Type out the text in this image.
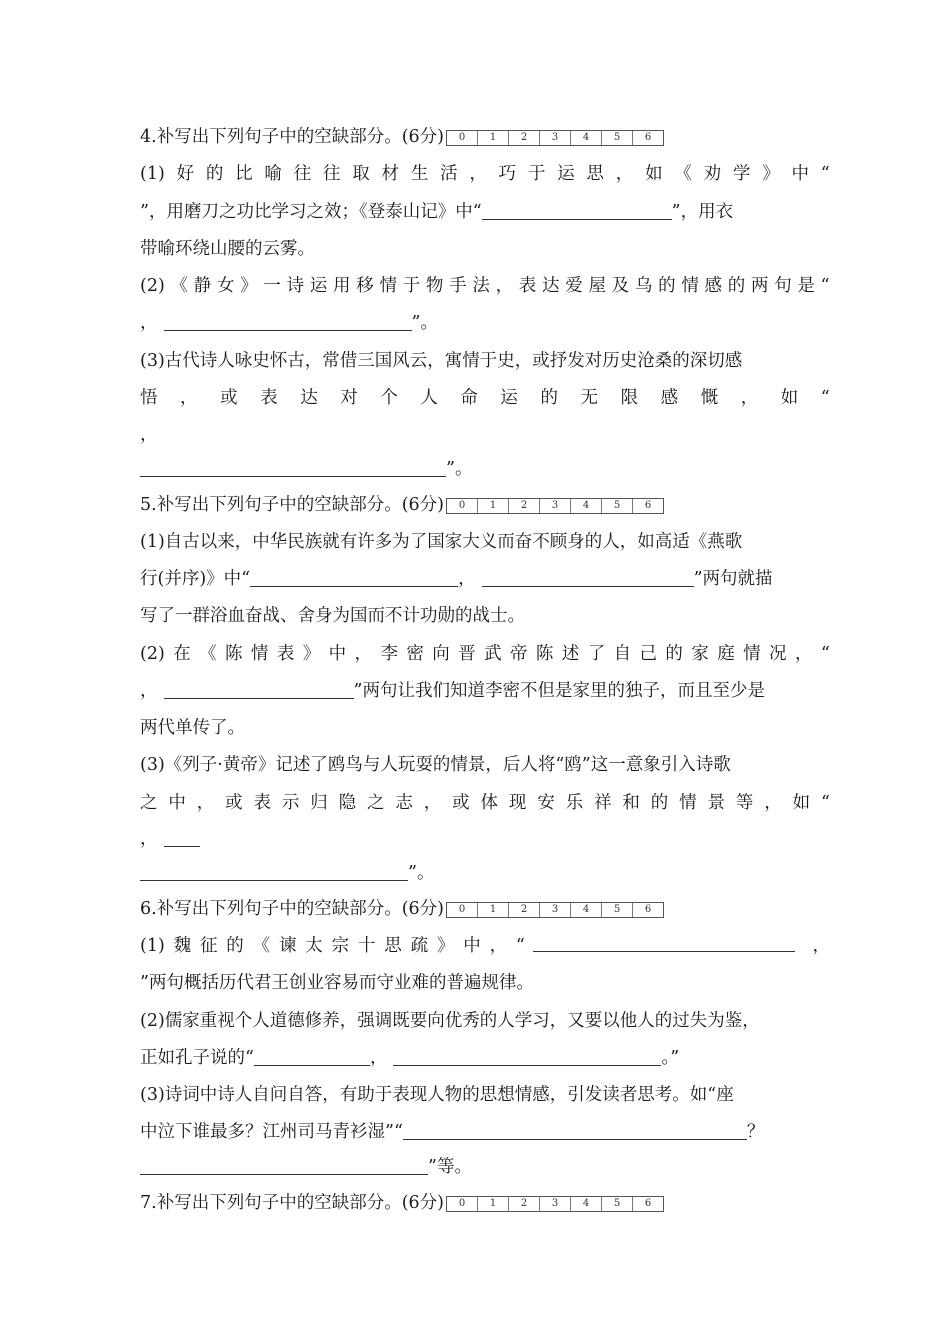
4.补写出下列句子中的空缺部分。(6分)	0	1	2	3	4	5	6
(1) 好 的 比 喻 往 往 取 材 生 活 ， 巧 于 运 思 ， 如 《 劝 学 》 中 “
”，用磨刀之功比学习之效；《登泰山记》中“	”，用衣
带喻环绕山腰的云雾。
(2) 《 静 女 》 一 诗 运 用 移 情 于 物 手 法 ， 表 达 爱 屋 及 乌 的 情 感 的 两 句 是 “
，	”。
(3)古代诗人咏史怀古，常借三国风云，寓情于史，或抒发对历史沧桑的深切感
悟 ， 或 表 达 对 个 人 命 运 的 无 限 感 慨 ， 如 “
，
”。
5.补写出下列句子中的空缺部分。(6分)	0	1	2	3	4	5	6
(1)自古以来，中华民族就有许多为了国家大义而奋不顾身的人，如高适《燕歌
行(并序)》中“	，	”两句就描
写了一群浴血奋战、舍身为国而不计功勋的战士。
(2) 在 《 陈 情 表 》 中 ， 李 密 向 晋 武 帝 陈 述 了 自 己 的 家 庭 情 况 ， “
，	”两句让我们知道李密不但是家里的独子，而且至少是
两代单传了。
(3)《列子·黄帝》记述了鸥鸟与人玩耍的情景，后人将“鸥”这一意象引入诗歌
之 中 ， 或 表 示 归 隐 之 志 ， 或 体 现 安 乐 祥 和 的 情 景 等 ， 如 “
，
”。
6.补写出下列句子中的空缺部分。(6分)	0	1	2	3	4	5	6
(1) 魏 征 的 《 谏 太 宗 十 思 疏 》 中 ， “	，
”两句概括历代君王创业容易而守业难的普遍规律。
(2)儒家重视个人道德修养，强调既要向优秀的人学习，又要以他人的过失为鉴，
正如孔子说的“	，	。”
(3)诗词中诗人自问自答，有助于表现人物的思想情感，引发读者思考。如“座
中泣下谁最多？江州司马青衫湿”“	？
”等。
7.补写出下列句子中的空缺部分。(6分)	0	1	2	3	4	5	6
